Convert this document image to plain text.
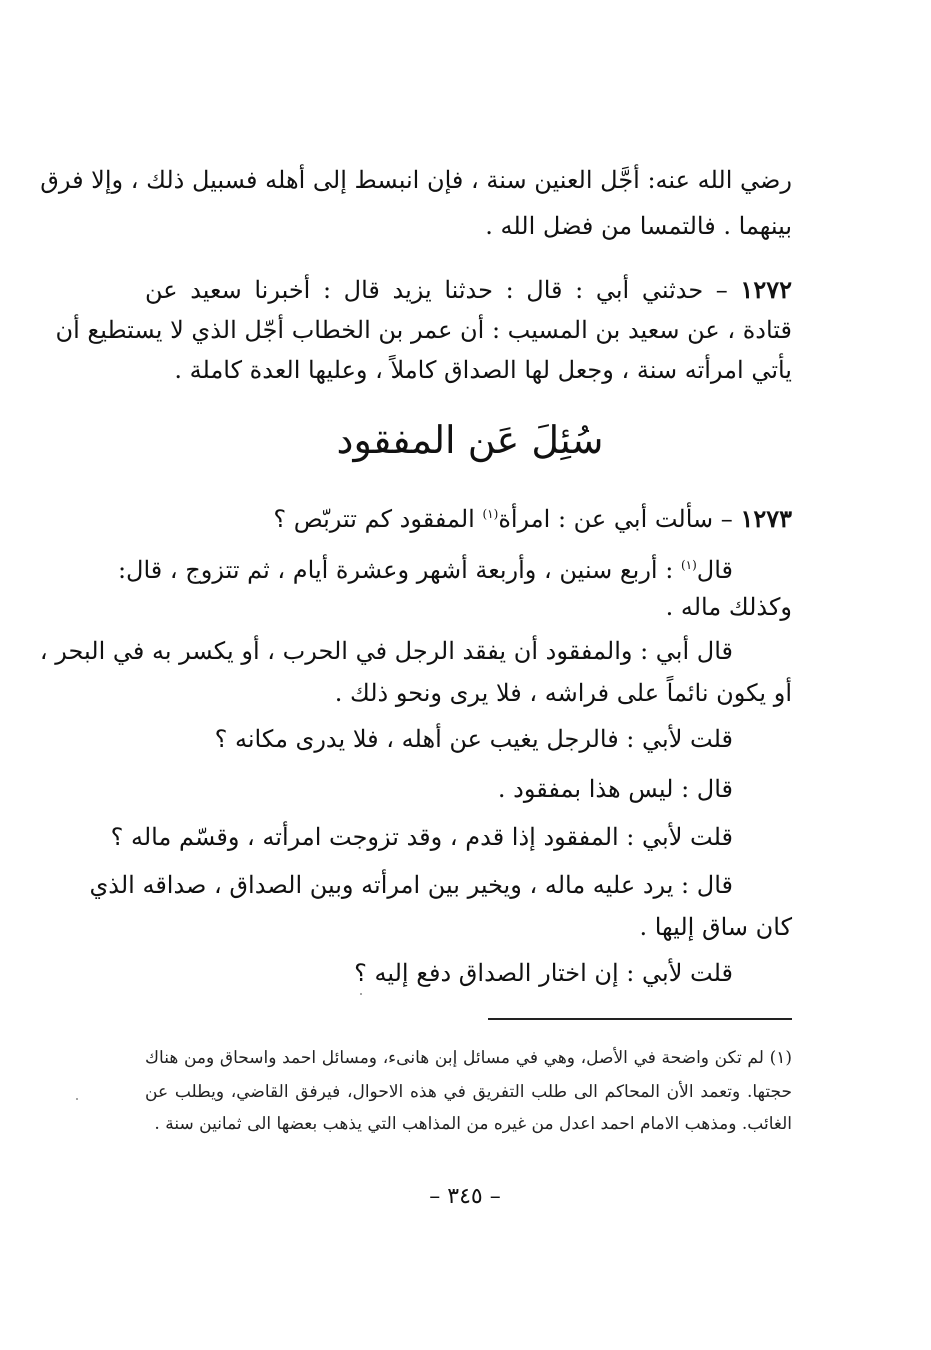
رضي الله عنه: أجَّل العنين سنة ، فإن انبسط إلى أهله فسبيل ذلك ، وإلا فرق
بينهما . فالتمسا من فضل الله .
١٢٧٢ – حدثني أبي : قال : حدثنا يزيد قال : أخبرنا سعيد عن
قتادة ، عن سعيد بن المسيب : أن عمر بن الخطاب أجّل الذي لا يستطيع أن
يأتي امرأته سنة ، وجعل لها الصداق كاملاً ، وعليها العدة كاملة .
سُئِلَ عَن المفقود
١٢٧٣ – سألت أبي عن : امرأة$^{(١)}$ المفقود كم تتربّص ؟
قال$^{(١)}$ : أربع سنين ، وأربعة أشهر وعشرة أيام ، ثم تتزوج ، قال:
وكذلك ماله .
قال أبي : والمفقود أن يفقد الرجل في الحرب ، أو يكسر به في البحر ،
أو يكون نائماً على فراشه ، فلا يرى ونحو ذلك .
قلت لأبي : فالرجل يغيب عن أهله ، فلا يدرى مكانه ؟
قال : ليس هذا بمفقود .
قلت لأبي : المفقود إذا قدم ، وقد تزوجت امرأته ، وقسّم ماله ؟
قال : يرد عليه ماله ، ويخير بين امرأته وبين الصداق ، صداقه الذي
كان ساق إليها .
قلت لأبي : إن اختار الصداق دفع إليه ؟
(١) لم تكن واضحة في الأصل، وهي في مسائل إبن هانىء، ومسائل احمد واسحاق ومن هناك
حجتها. وتعمد الأن المحاكم الى طلب التفريق في هذه الاحوال، فيرفق القاضي، ويطلب عن
الغائب. ومذهب الامام احمد اعدل من غيره من المذاهب التي يذهب بعضها الى ثمانين سنة .
– ٣٤٥ –
